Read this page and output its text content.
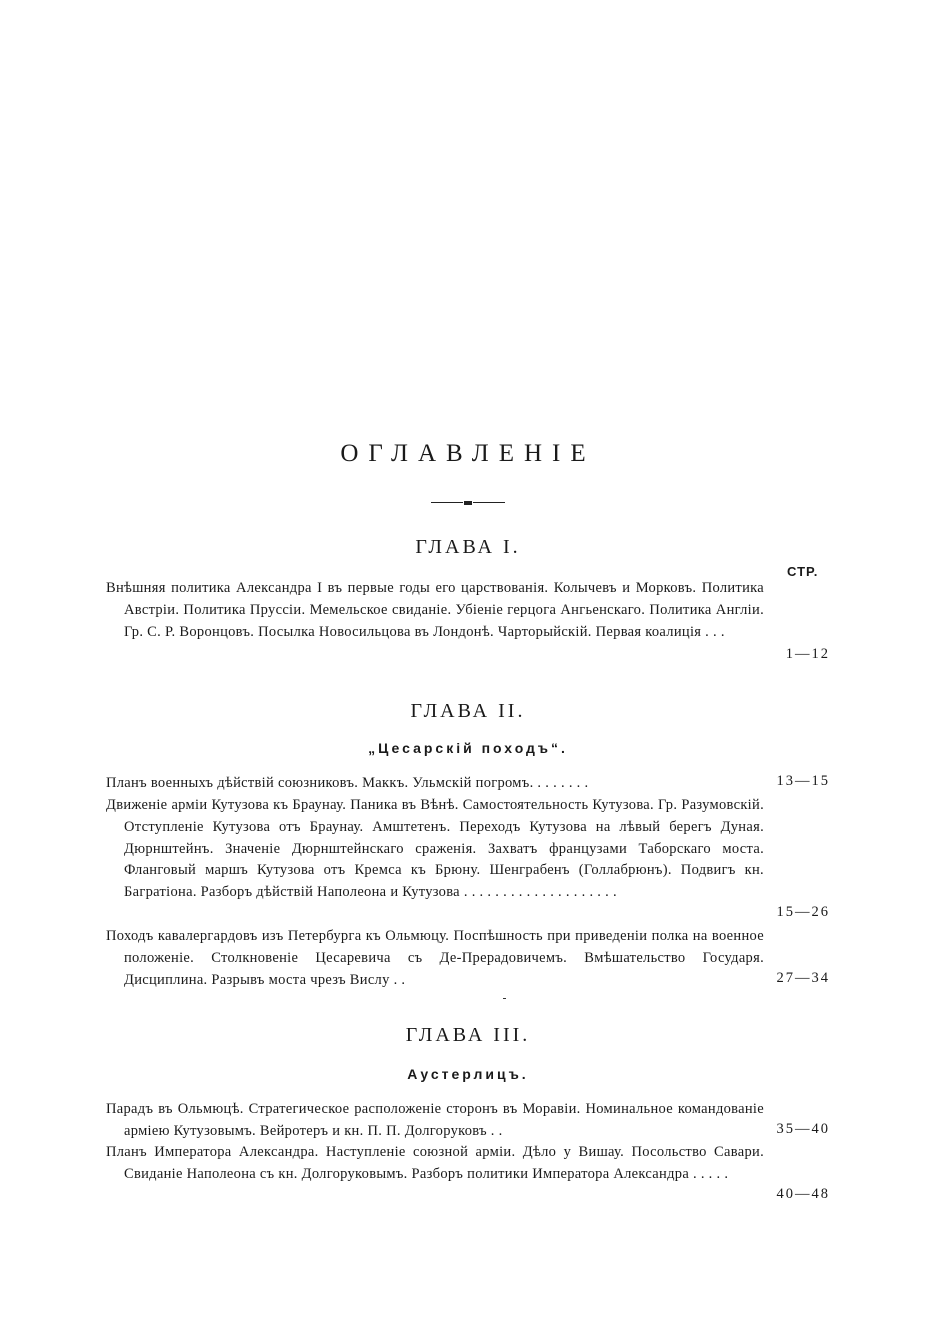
ОГЛАВЛЕНІЕ
ГЛАВА I.
СТР.
Внѣшняя политика Александра I въ первые годы его царствованія. Колычевъ и Морковъ. Политика Австріи. Политика Пруссіи. Мемельское свиданіе. Убіеніе герцога Ангьенскаго. Политика Англіи. Гр. С. Р. Воронцовъ. Посылка Новосильцова въ Лондонѣ. Чарторыйскій. Первая коалиція . . .
1—12
ГЛАВА II.
„Цесарскій походъ“.
Планъ военныхъ дѣйствій союзниковъ. Маккъ. Ульмскій погромъ. . . . . . . .	13—15
Движеніе арміи Кутузова къ Браунау. Паника въ Вѣнѣ. Самостоятельность Кутузова. Гр. Разумовскій. Отступленіе Кутузова отъ Браунау. Амштетенъ. Переходъ Кутузова на лѣвый берегъ Дуная. Дюрнштейнъ. Значеніе Дюрнштейнскаго сраженія. Захватъ французами Таборскаго моста. Фланговый маршъ Кутузова отъ Кремса къ Брюну. Шенграбенъ (Голлабрюнъ). Подвигъ кн. Багратіона. Разборъ дѣйствій Наполеона и Кутузова . . . . . . . . . . . . . . . . . . . .
15—26
Походъ кавалергардовъ изъ Петербурга къ Ольмюцу. Поспѣшность при приведеніи полка на военное положеніе. Столкновеніе Цесаревича съ Де-Прерадовичемъ. Вмѣшательство Государя. Дисциплина. Разрывъ моста чрезъ Вислу . .	27—34
ГЛАВА III.
Аустерлицъ.
Парадъ въ Ольмюцѣ. Стратегическое расположеніе сторонъ въ Моравіи. Номинальное командованіе арміею Кутузовымъ. Вейротеръ и кн. П. П. Долгоруковъ . .	35—40
Планъ Императора Александра. Наступленіе союзной арміи. Дѣло у Вишау. Посольство Савари. Свиданіе Наполеона съ кн. Долгоруковымъ. Разборъ политики Императора Александра . . . . .
40—48
